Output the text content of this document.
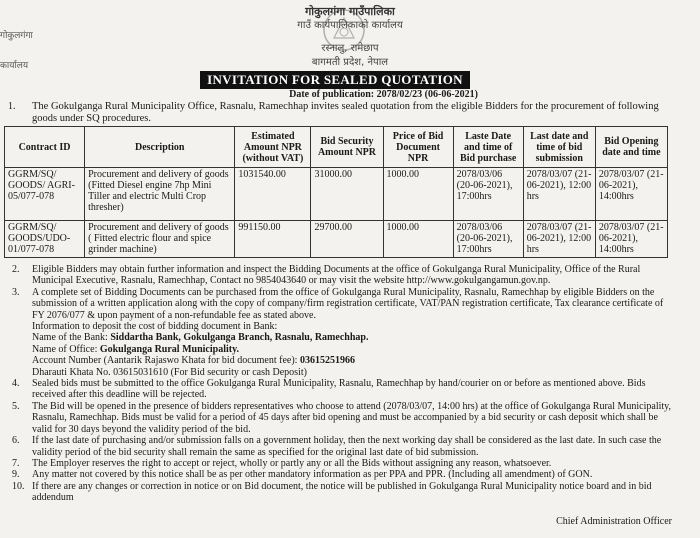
गोकुलगंगा गाउँपालिका
गाउँ कार्यपालिकाको कार्यालय
रस्नालु, रामेछाप
बागमती प्रदेश, नेपाल
गोकुलगंगा
कार्यालय
INVITATION FOR SEALED QUOTATION
Date of publication: 2078/02/23 (06-06-2021)
1. The Gokulganga Rural Municipality Office, Rasnalu, Ramechhap invites sealed quotation from the eligible Bidders for the procurement of following goods under SQ procedures.
Contract ID	Description	Estimated Amount NPR (without VAT)	Bid Security Amount NPR	Price of Bid Document NPR	Laste Date and time of Bid purchase	Last date and time of bid submission	Bid Opening date and time
GGRM/SQ/ GOODS/ AGRI-05/077-078	Procurement and delivery of goods (Fitted Diesel engine 7hp Mini Tiller and electric Multi Crop thresher)	1031540.00	31000.00	1000.00	2078/03/06 (20-06-2021), 17:00hrs	2078/03/07 (21-06-2021), 12:00 hrs	2078/03/07 (21-06-2021), 14:00hrs
GGRM/SQ/ GOODS/UDO-01/077-078	Procurement and delivery of goods ( Fitted electric flour and spice grinder machine)	991150.00	29700.00	1000.00	2078/03/06 (20-06-2021), 17:00hrs	2078/03/07 (21-06-2021), 12:00 hrs	2078/03/07 (21-06-2021), 14:00hrs
2. Eligible Bidders may obtain further information and inspect the Bidding Documents at the office of Gokulganga Rural Municipality, Office of the Rural Municipal Executive, Rasnalu, Ramechhap, Contact no 9854043640 or may visit the website http://www.gokulgangamun.gov.np.
3. A complete set of Bidding Documents can be purchased from the office of Gokulganga Rural Municipality, Rasnalu, Ramechhap by eligible Bidders on the submission of a written application along with the copy of company/firm registration certificate, VAT/PAN registration certificate, Tax clearance certificate of FY 2076/077 & upon payment of a non-refundable fee as stated above.
Information to deposit the cost of bidding document in Bank:
Name of the Bank: Siddartha Bank, Gokulganga Branch, Rasnalu, Ramechhap.
Name of Office: Gokulganga Rural Municipality.
Account Number (Aantarik Rajaswo Khata for bid document fee): 03615251966
Dharauti Khata No. 03615031610 (For Bid security or cash Deposit)
4. Sealed bids must be submitted to the office Gokulganga Rural Municipality, Rasnalu, Ramechhap by hand/courier on or before as mentioned above. Bids received after this deadline will be rejected.
5. The Bid will be opened in the presence of bidders representatives who choose to attend (2078/03/07, 14:00 hrs) at the office of Gokulganga Rural Municipality, Rasnalu, Ramechhap. Bids must be valid for a period of 45 days after bid opening and must be accompanied by a bid security or cash deposit which shall be valid for 30 days beyond the validity period of the bid.
6. If the last date of purchasing and/or submission falls on a government holiday, then the next working day shall be considered as the last date. In such case the validity period of the bid security shall remain the same as specified for the original last date of bid submission.
7. The Employer reserves the right to accept or reject, wholly or partly any or all the Bids without assigning any reason, whatsoever.
9. Any matter not covered by this notice shall be as per other mandatory information as per PPA and PPR. (Including all amendment) of GON.
10. If there are any changes or correction in notice or on Bid document, the notice will be published in Gokulganga Rural Municipality notice board and in bid addendum
Chief Administration Officer
